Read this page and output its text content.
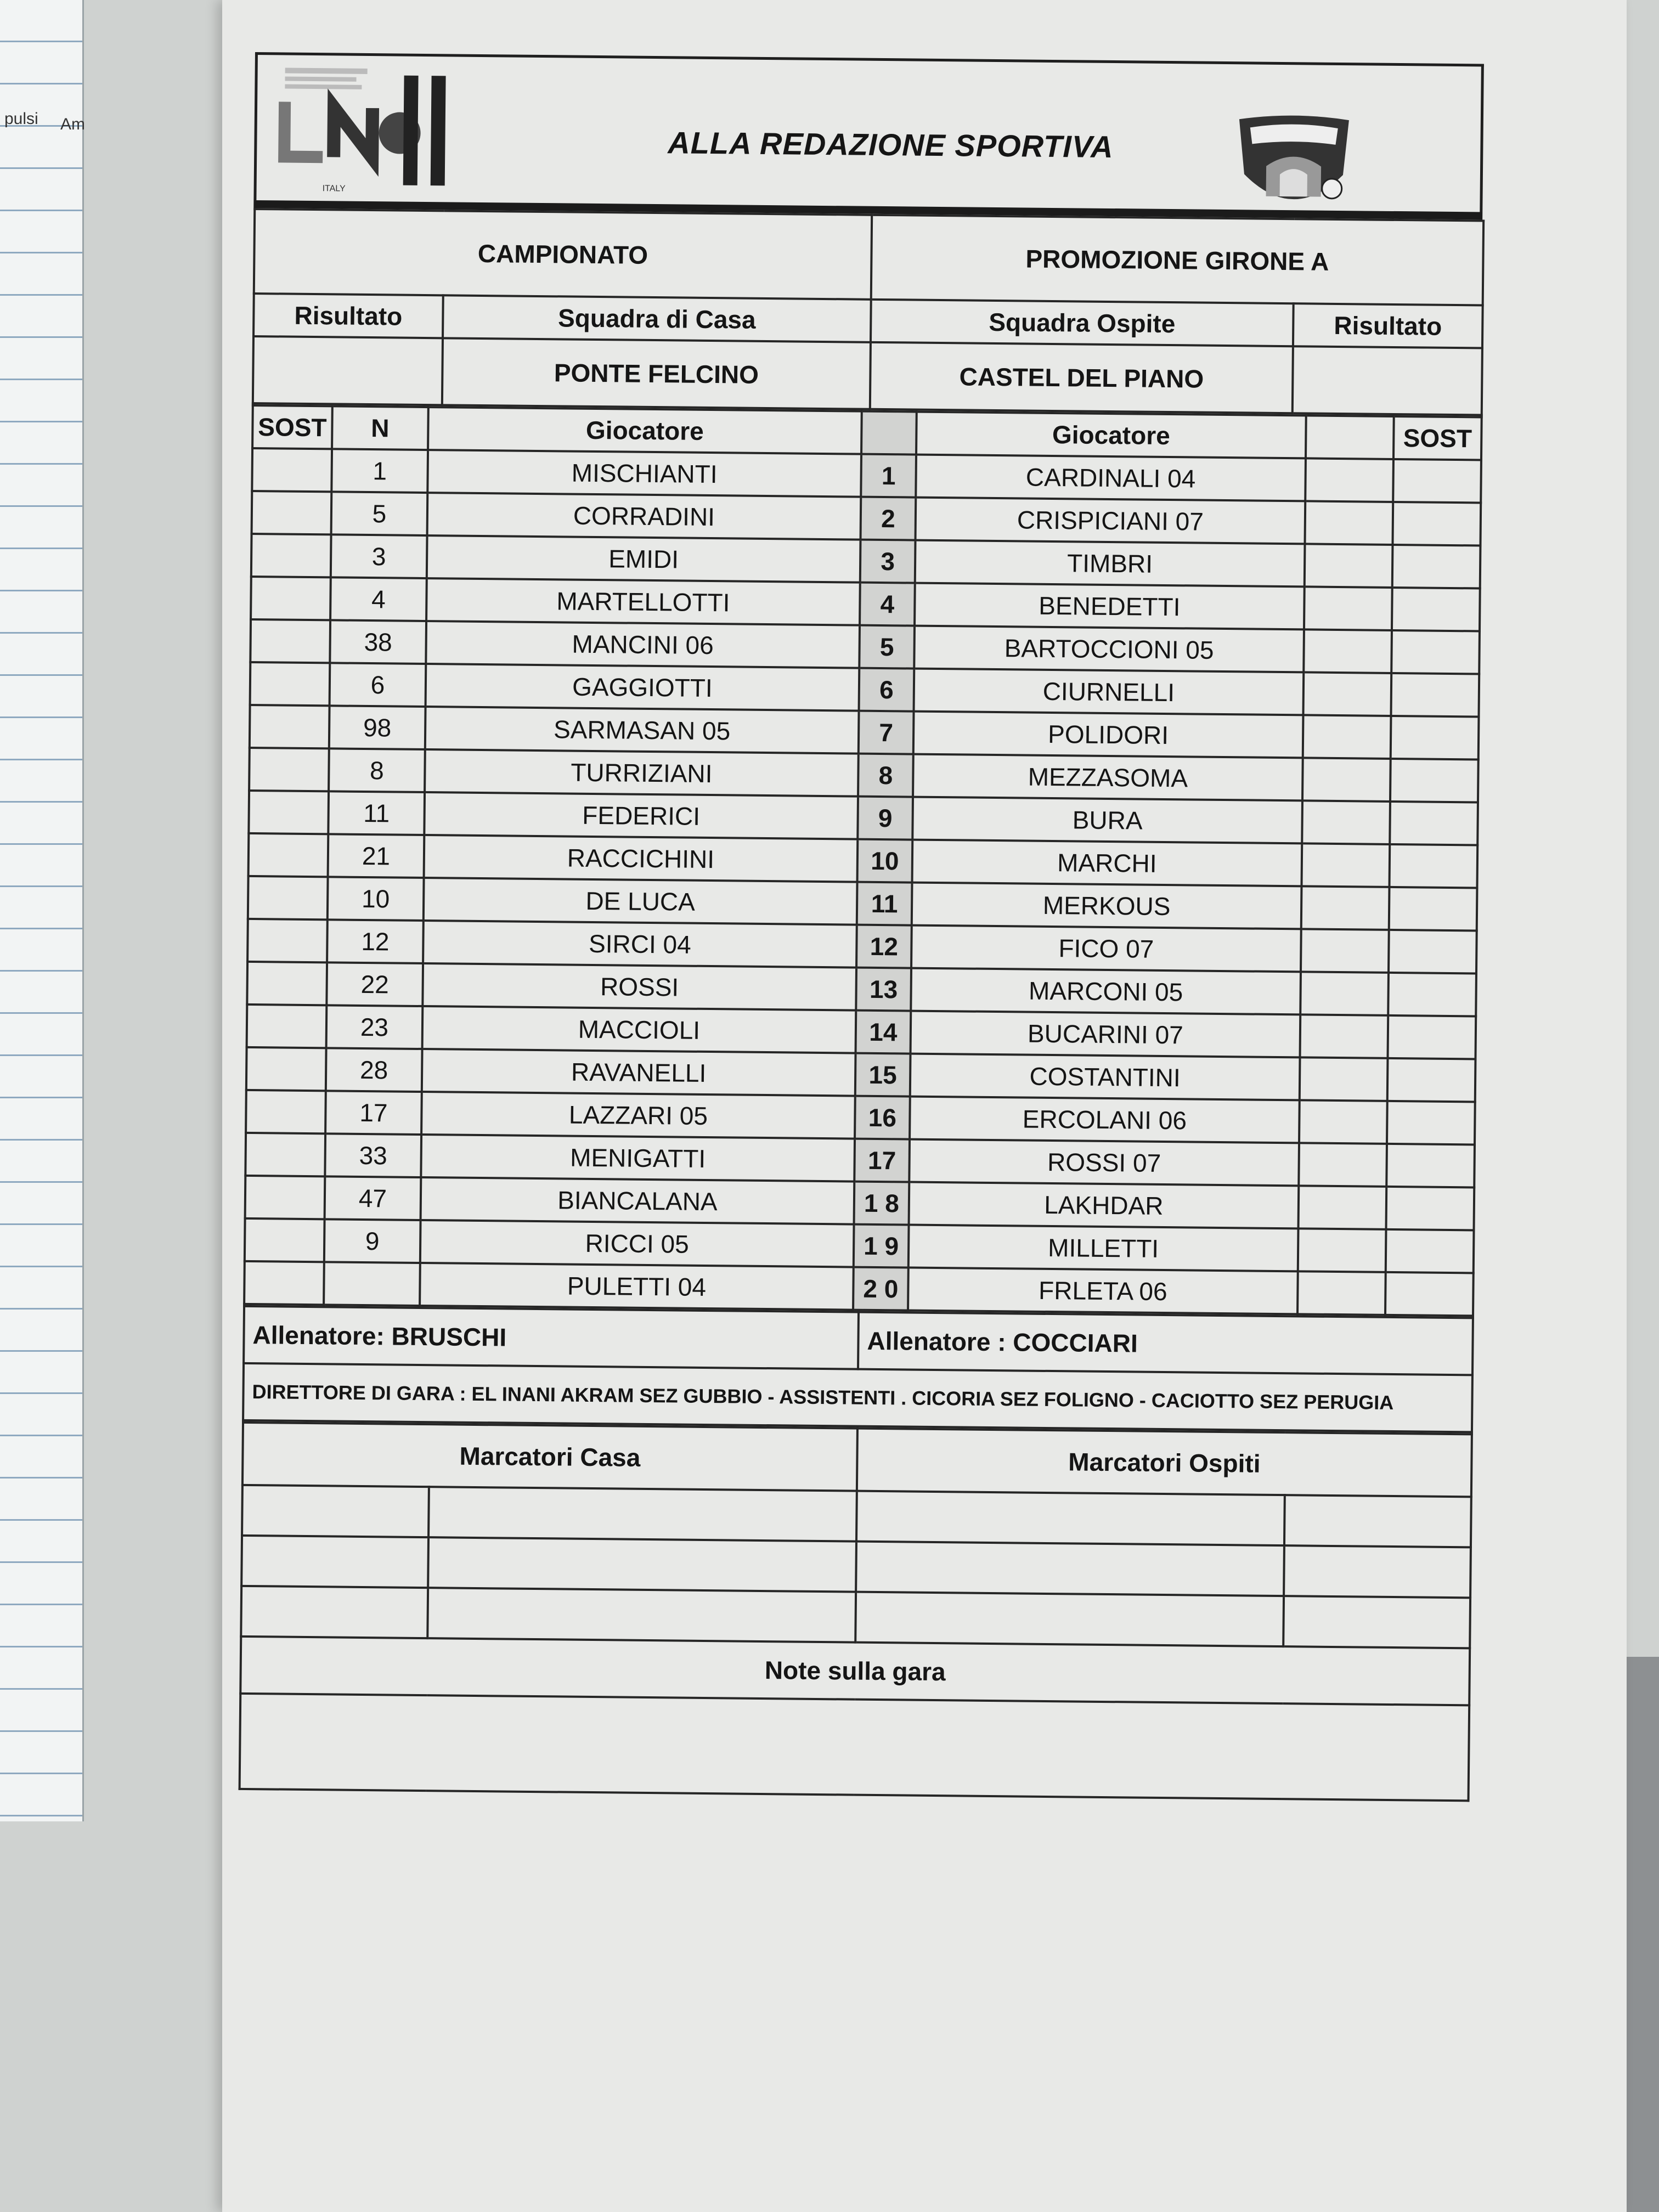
pulsi Am
ITALY
ALLA REDAZIONE SPORTIVA
CAMPIONATO		PROMOZIONE GIRONE A	
Risultato	Squadra di Casa	Squadra Ospite	Risultato
	PONTE FELCINO	CASTEL DEL PIANO	
SOST	N	Giocatore		Giocatore		SOST
	1	MISCHIANTI	1	CARDINALI 04		
	5	CORRADINI	2	CRISPICIANI 07		
	3	EMIDI	3	TIMBRI		
	4	MARTELLOTTI	4	BENEDETTI		
	38	MANCINI 06	5	BARTOCCIONI 05		
	6	GAGGIOTTI	6	CIURNELLI		
	98	SARMASAN 05	7	POLIDORI		
	8	TURRIZIANI	8	MEZZASOMA		
	11	FEDERICI	9	BURA		
	21	RACCICHINI	10	MARCHI		
	10	DE LUCA	11	MERKOUS		
	12	SIRCI 04	12	FICO 07		
	22	ROSSI	13	MARCONI 05		
	23	MACCIOLI	14	BUCARINI 07		
	28	RAVANELLI	15	COSTANTINI		
	17	LAZZARI 05	16	ERCOLANI 06		
	33	MENIGATTI	17	ROSSI 07		
	47	BIANCALANA	1 8	LAKHDAR		
	9	RICCI 05	1 9	MILLETTI		
		PULETTI 04	2 0	FRLETA 06		
Allenatore: BRUSCHI	Allenatore : COCCIARI
DIRETTORE DI GARA : EL INANI AKRAM SEZ GUBBIO - ASSISTENTI . CICORIA SEZ FOLIGNO - CACIOTTO SEZ PERUGIA
Marcatori Casa		Marcatori Ospiti	

Note sulla gara			
